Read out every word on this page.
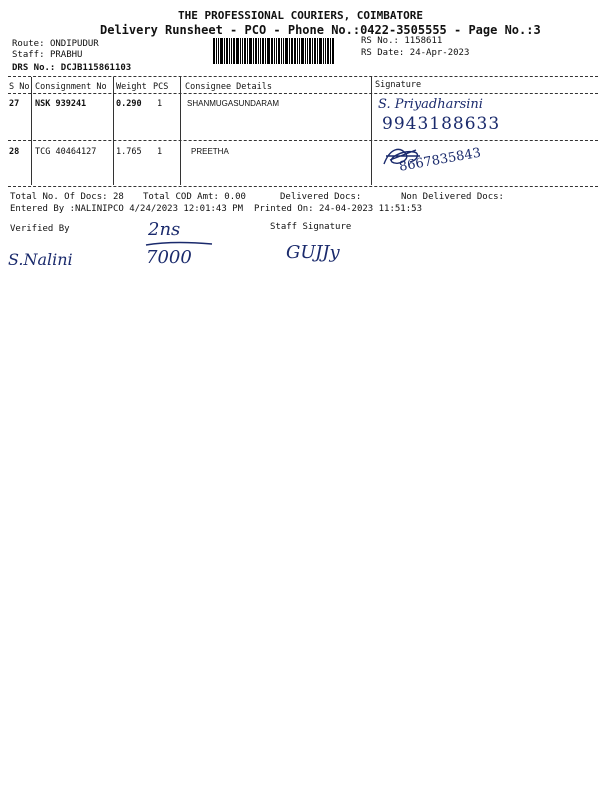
THE PROFESSIONAL COURIERS, COIMBATORE
Delivery Runsheet - PCO - Phone No.:0422-3505555 - Page No.:3
Route: ONDIPUDUR
Staff: PRABHU
DRS No.: DCJB115861103
RS No.: 1158611
RS Date: 24-Apr-2023
S No Consignment No Weight PCS Consignee Details	Signature
27 NSK 939241	0.290 1	SHANMUGASUNDARAM	S. Priyadharsini
9943188633
28 TCG 40464127 1.765 1	PREETHA	8667835843
Total No. Of Docs: 28 Total COD Amt: 0.00	Delivered Docs:	Non Delivered Docs:
Entered By :NALINIPCO 4/24/2023 12:01:43 PM Printed On: 24-04-2023 11:51:53
Verified By	Staff Signature
S.Nalini
2ns
7000	GUJJy
